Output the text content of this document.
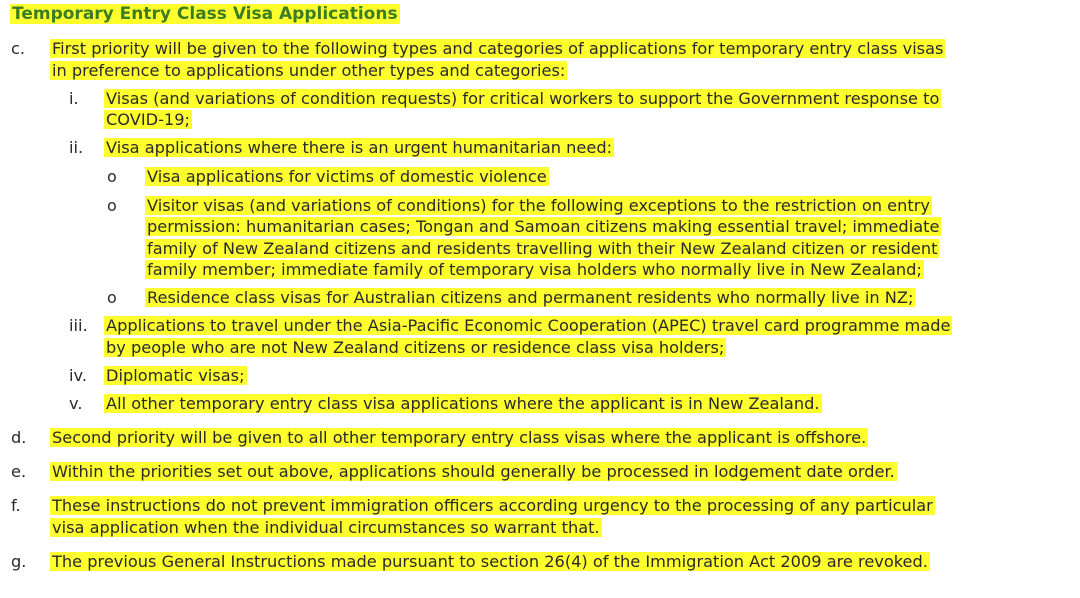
Temporary Entry Class Visa Applications
c. First priority will be given to the following types and categories of applications for temporary entry class visas
in preference to applications under other types and categories:
i. Visas (and variations of condition requests) for critical workers to support the Government response to
COVID-19;
ii. Visa applications where there is an urgent humanitarian need:
o Visa applications for victims of domestic violence
o Visitor visas (and variations of conditions) for the following exceptions to the restriction on entry
permission: humanitarian cases; Tongan and Samoan citizens making essential travel; immediate
family of New Zealand citizens and residents travelling with their New Zealand citizen or resident
family member; immediate family of temporary visa holders who normally live in New Zealand;
o Residence class visas for Australian citizens and permanent residents who normally live in NZ;
iii. Applications to travel under the Asia-Pacific Economic Cooperation (APEC) travel card programme made
by people who are not New Zealand citizens or residence class visa holders;
iv. Diplomatic visas;
v. All other temporary entry class visa applications where the applicant is in New Zealand.
d. Second priority will be given to all other temporary entry class visas where the applicant is offshore.
e. Within the priorities set out above, applications should generally be processed in lodgement date order.
f. These instructions do not prevent immigration officers according urgency to the processing of any particular
visa application when the individual circumstances so warrant that.
g. The previous General Instructions made pursuant to section 26(4) of the Immigration Act 2009 are revoked.
